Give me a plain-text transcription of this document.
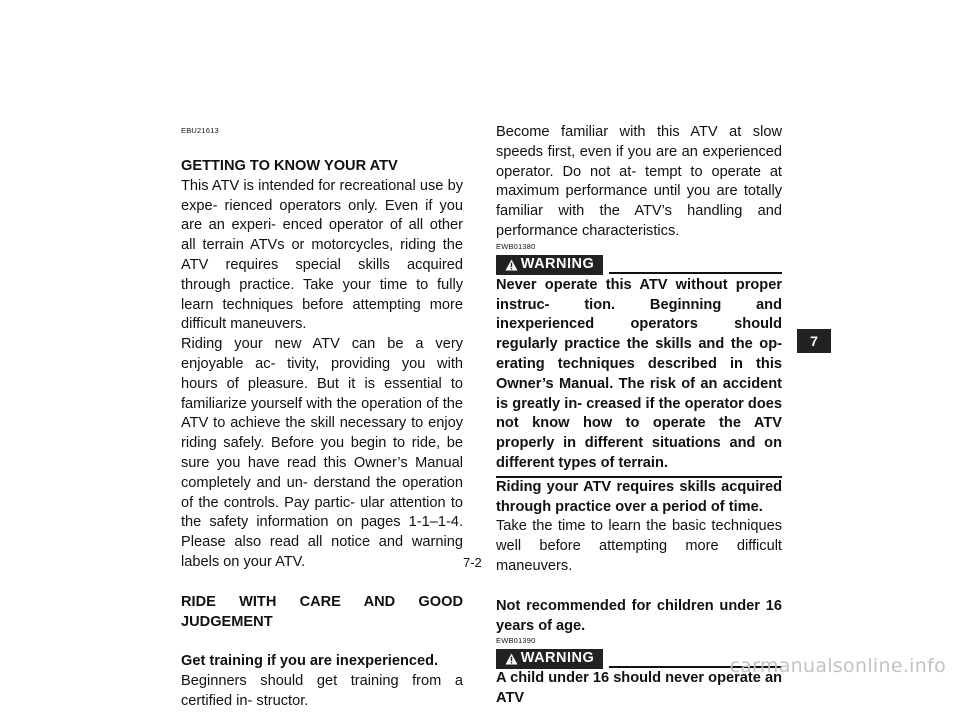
EBU21613

GETTING TO KNOW YOUR ATV

This ATV is intended for recreational use by expe- rienced operators only. Even if you are an experi- enced operator of all other all terrain ATVs or motorcycles, riding the ATV requires special skills acquired through practice. Take your time to fully learn techniques before attempting more difficult maneuvers.

Riding your new ATV can be a very enjoyable ac- tivity, providing you with hours of pleasure. But it is essential to familiarize yourself with the operation of the ATV to achieve the skill necessary to enjoy riding safely. Before you begin to ride, be sure you have read this Owner’s Manual completely and un- derstand the operation of the controls. Pay partic- ular attention to the safety information on pages 1-1–1-4. Please also read all notice and warning labels on your ATV.

RIDE WITH CARE AND GOOD JUDGEMENT

Get training if you are inexperienced.

Beginners should get training from a certified in- structor.

Become familiar with this ATV at slow speeds first, even if you are an experienced operator. Do not at- tempt to operate at maximum performance until you are totally familiar with the ATV’s handling and performance characteristics.

EWB01380
WARNING

Never operate this ATV without proper instruc- tion. Beginning and inexperienced operators should regularly practice the skills and the op- erating techniques described in this Owner’s Manual. The risk of an accident is greatly in- creased if the operator does not know how to operate the ATV properly in different situations and on different types of terrain.

Riding your ATV requires skills acquired through practice over a period of time.

Take the time to learn the basic techniques well before attempting more difficult maneuvers.

Not recommended for children under 16 years of age.

EWB01390
WARNING

A child under 16 should never operate an ATV

7
7-2
carmanualsonline.info
